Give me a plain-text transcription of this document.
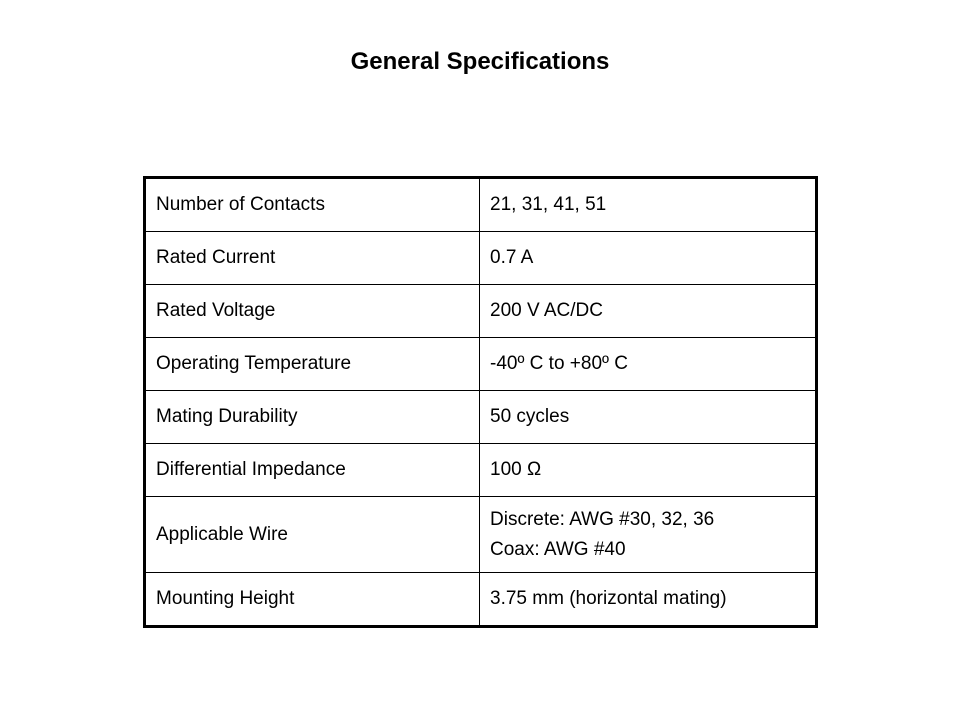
General Specifications
Number of Contacts	21, 31, 41, 51
Rated Current	0.7 A
Rated Voltage	200 V AC/DC
Operating Temperature	-40º C to +80º C
Mating Durability	50 cycles
Differential Impedance	100 Ω
Applicable Wire	Discrete: AWG #30, 32, 36
Coax: AWG #40

Mounting Height	3.75 mm (horizontal mating)
